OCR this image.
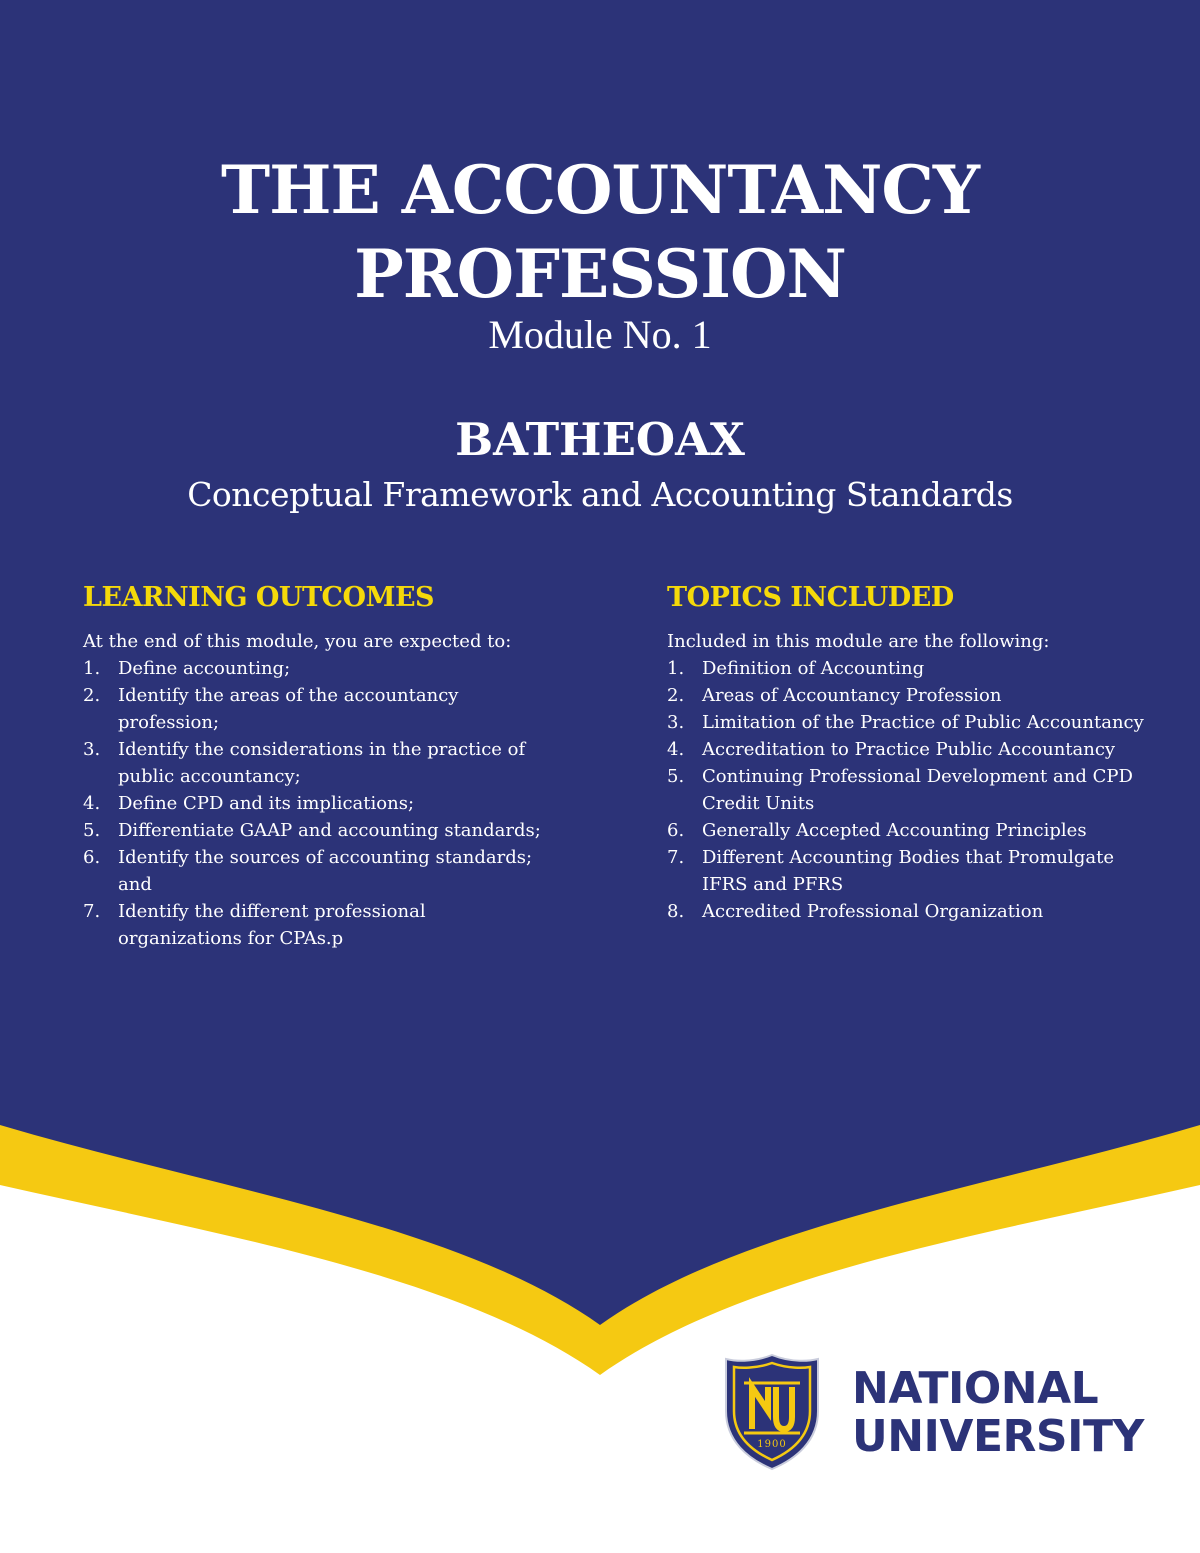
THE ACCOUNTANCY
PROFESSION
Module No. 1
BATHEOAX
Conceptual Framework and Accounting Standards
LEARNING OUTCOMES

At the end of this module, you are expected to:

1. Define accounting;
2. Identify the areas of the accountancy profession;
3. Identify the considerations in the practice of public accountancy;
4. Define CPD and its implications;
5. Differentiate GAAP and accounting standards;
6. Identify the sources of accounting standards; and
7. Identify the different professional organizations for CPAs.p
TOPICS INCLUDED

Included in this module are the following:

1. Definition of Accounting
2. Areas of Accountancy Profession
3. Limitation of the Practice of Public Accountancy
4. Accreditation to Practice Public Accountancy
5. Continuing Professional Development and CPD Credit Units
6. Generally Accepted Accounting Principles
7. Different Accounting Bodies that Promulgate IFRS and PFRS
8. Accredited Professional Organization
1900
NATIONAL
UNIVERSITY
